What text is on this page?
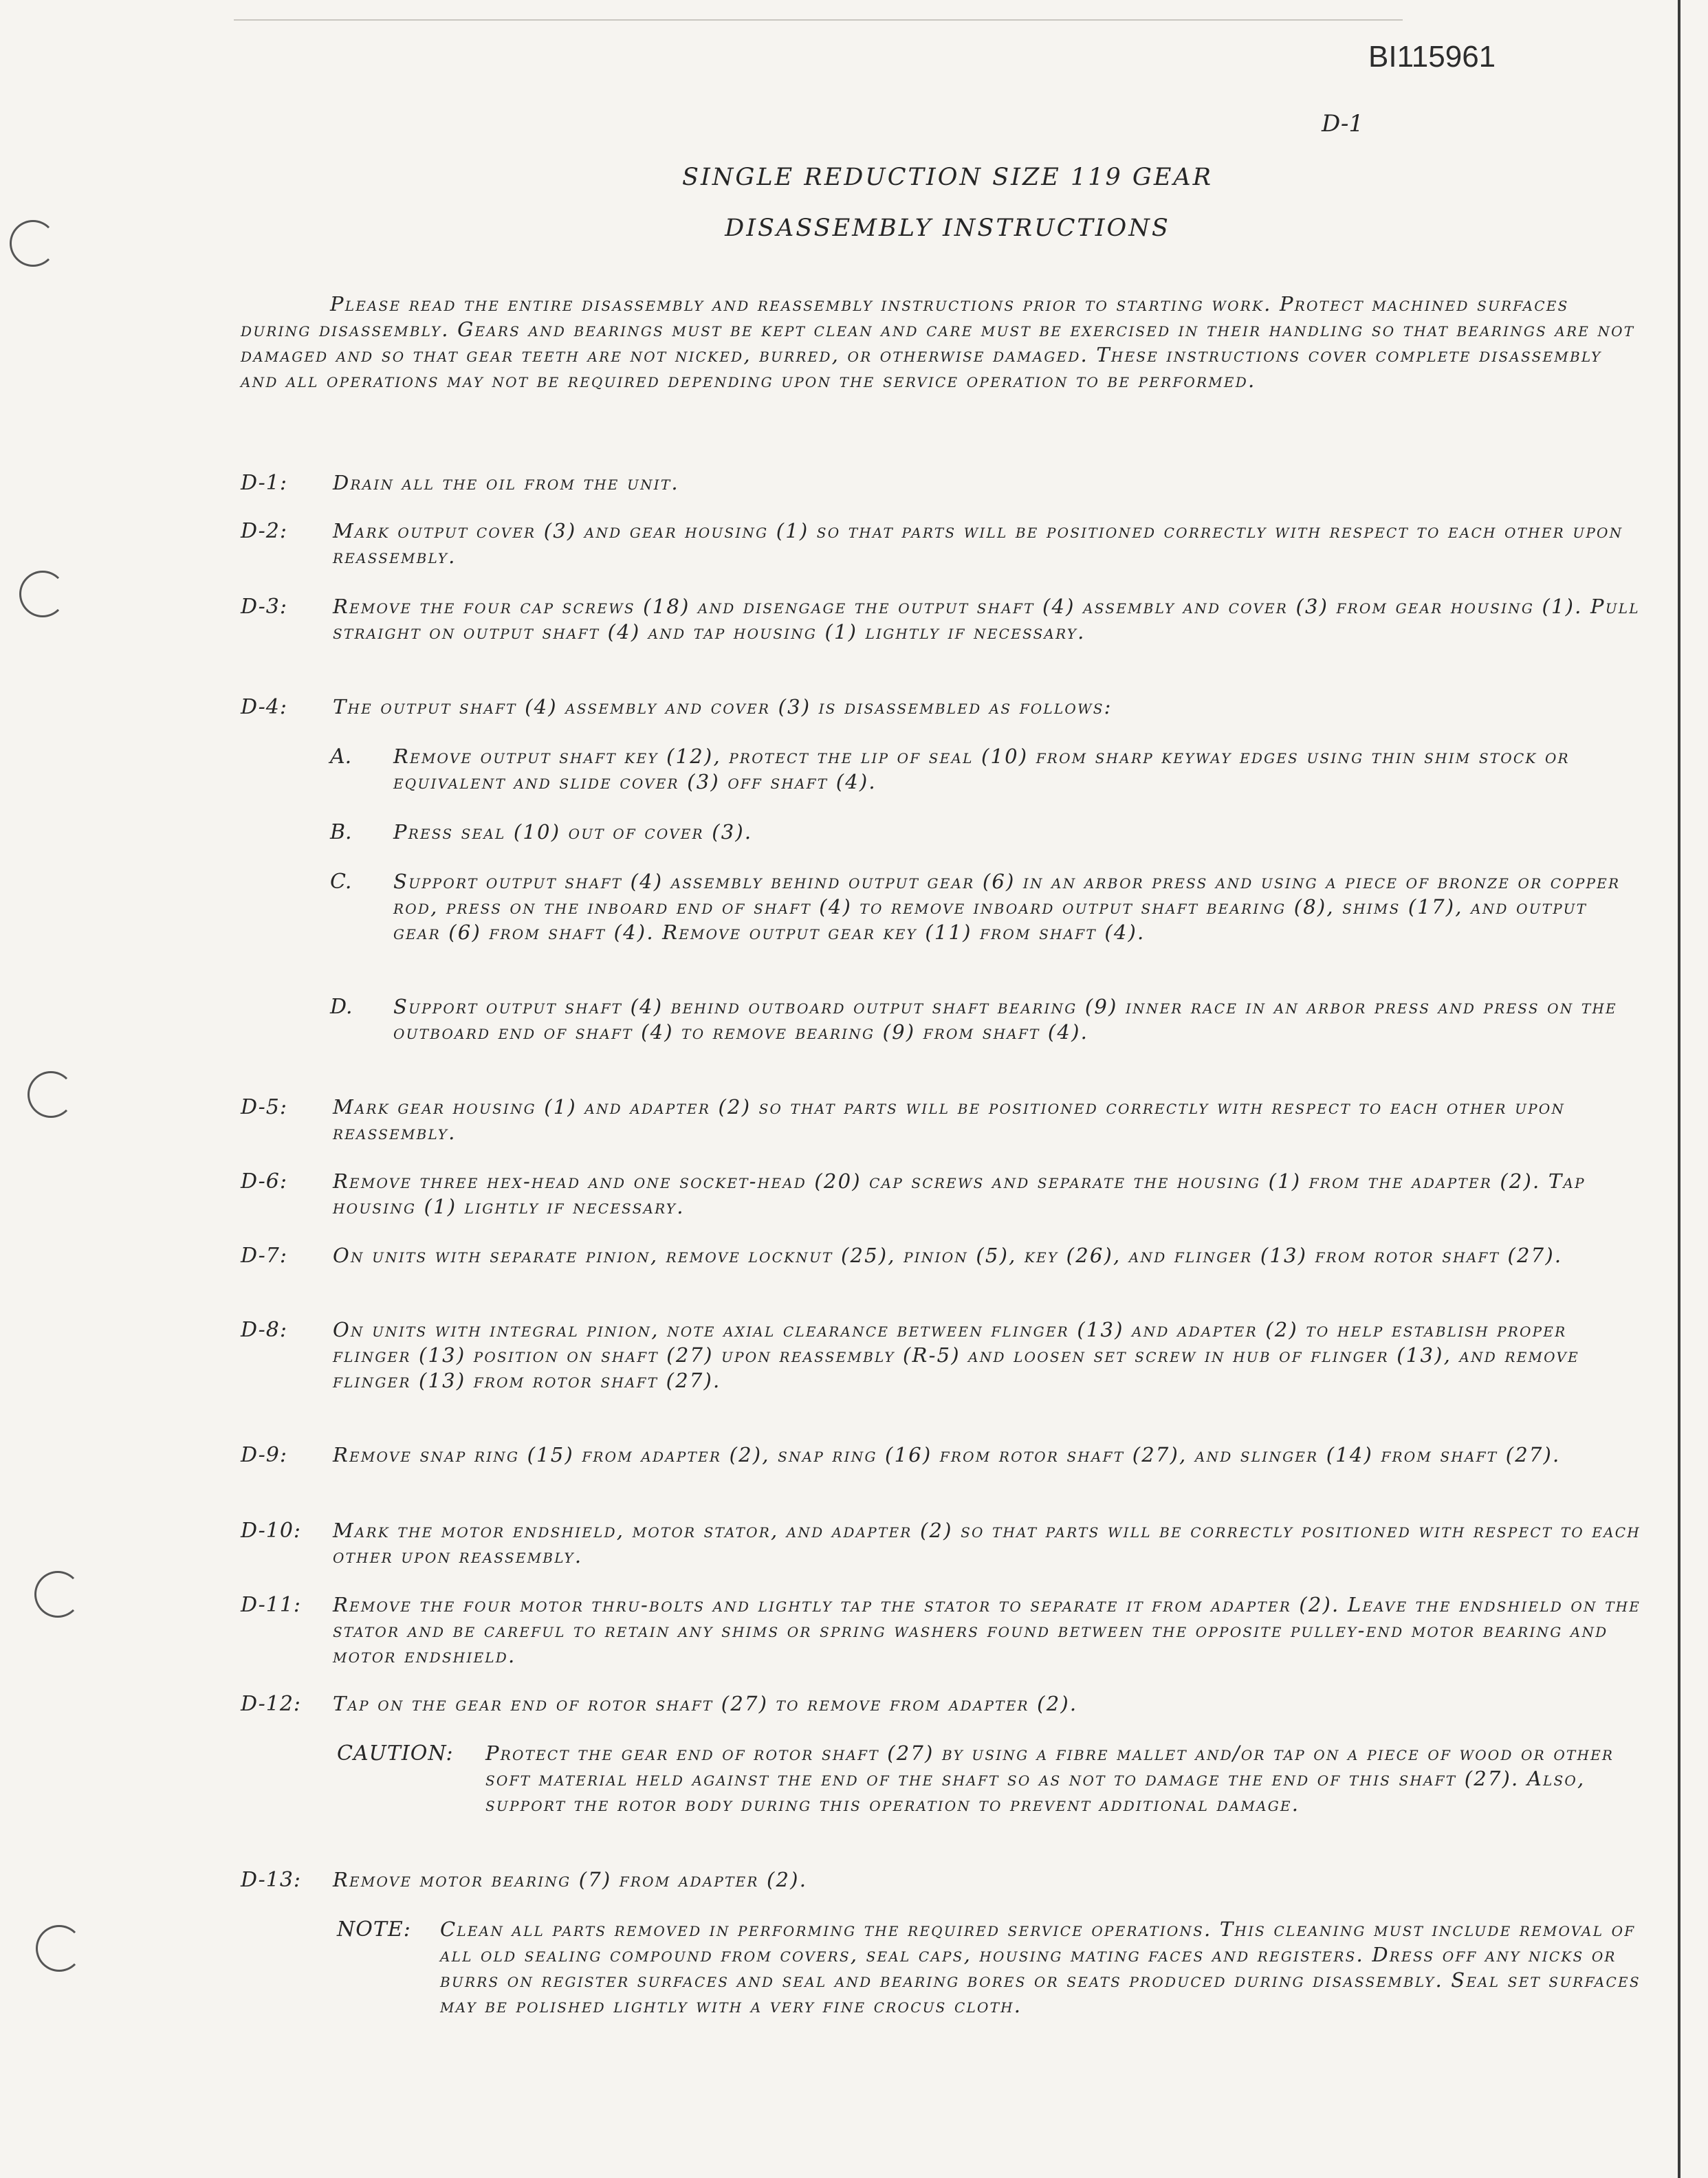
BI115961
D-1
SINGLE REDUCTION SIZE 119 GEAR
DISASSEMBLY INSTRUCTIONS
Please read the entire disassembly and reassembly instructions prior to starting work. Protect machined surfaces during disassembly. Gears and bearings must be kept clean and care must be exercised in their handling so that bearings are not damaged and so that gear teeth are not nicked, burred, or otherwise damaged. These instructions cover complete disassembly and all operations may not be required depending upon the service operation to be performed.
D-1:	Drain all the oil from the unit.
D-2:	Mark output cover (3) and gear housing (1) so that parts will be positioned correctly with respect to each other upon reassembly.
D-3:	Remove the four cap screws (18) and disengage the output shaft (4) assembly and cover (3) from gear housing (1). Pull straight on output shaft (4) and tap housing (1) lightly if necessary.
D-4:	The output shaft (4) assembly and cover (3) is disassembled as follows:
A. Remove output shaft key (12), protect the lip of seal (10) from sharp keyway edges using thin shim stock or equivalent and slide cover (3) off shaft (4).
B. Press seal (10) out of cover (3).
C. Support output shaft (4) assembly behind output gear (6) in an arbor press and using a piece of bronze or copper rod, press on the inboard end of shaft (4) to remove inboard output shaft bearing (8), shims (17), and output gear (6) from shaft (4). Remove output gear key (11) from shaft (4).
D. Support output shaft (4) behind outboard output shaft bearing (9) inner race in an arbor press and press on the outboard end of shaft (4) to remove bearing (9) from shaft (4).
D-5:	Mark gear housing (1) and adapter (2) so that parts will be positioned correctly with respect to each other upon reassembly.
D-6:	Remove three hex-head and one socket-head (20) cap screws and separate the housing (1) from the adapter (2). Tap housing (1) lightly if necessary.
D-7:	On units with separate pinion, remove locknut (25), pinion (5), key (26), and flinger (13) from rotor shaft (27).
D-8:	On units with integral pinion, note axial clearance between flinger (13) and adapter (2) to help establish proper flinger (13) position on shaft (27) upon reassembly (R-5) and loosen set screw in hub of flinger (13), and remove flinger (13) from rotor shaft (27).
D-9:	Remove snap ring (15) from adapter (2), snap ring (16) from rotor shaft (27), and slinger (14) from shaft (27).
D-10:	Mark the motor endshield, motor stator, and adapter (2) so that parts will be correctly positioned with respect to each other upon reassembly.
D-11:	Remove the four motor thru-bolts and lightly tap the stator to separate it from adapter (2). Leave the endshield on the stator and be careful to retain any shims or spring washers found between the opposite pulley-end motor bearing and motor endshield.
D-12:	Tap on the gear end of rotor shaft (27) to remove from adapter (2).
CAUTION: Protect the gear end of rotor shaft (27) by using a fibre mallet and/or tap on a piece of wood or other soft material held against the end of the shaft so as not to damage the end of this shaft (27). Also, support the rotor body during this operation to prevent additional damage.
D-13:	Remove motor bearing (7) from adapter (2).
NOTE: Clean all parts removed in performing the required service operations. This cleaning must include removal of all old sealing compound from covers, seal caps, housing mating faces and registers. Dress off any nicks or burrs on register surfaces and seal and bearing bores or seats produced during disassembly. Seal set surfaces may be polished lightly with a very fine crocus cloth.
